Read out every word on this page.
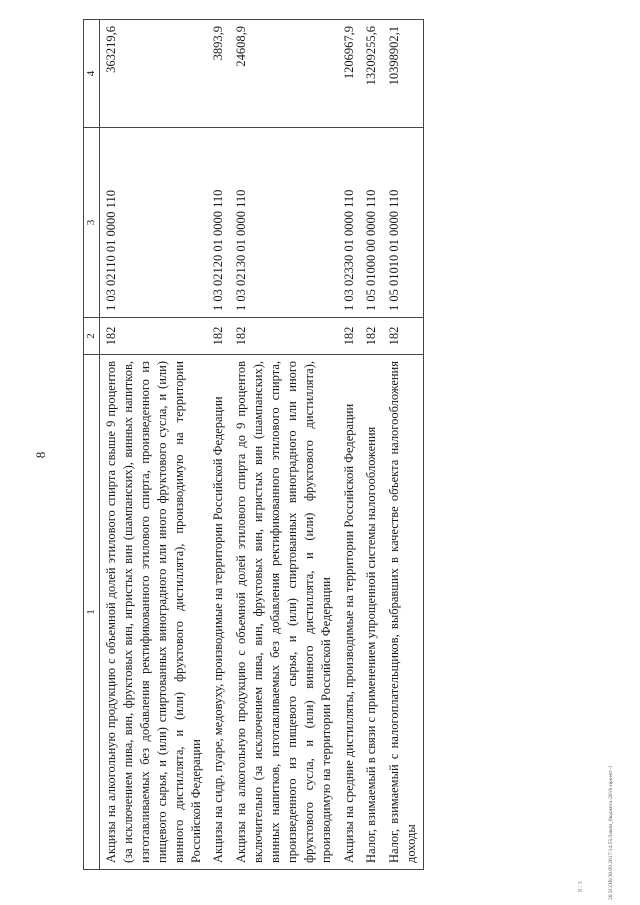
8
1	2	3	4
Акцизы на алкогольную продукцию с объемной долей этилового спирта свыше 9 процентов (за исключением пива, вин, фруктовых вин, игристых вин (шампанских), винных напитков, изготавливаемых без добавления ректификованного этилового спирта, произведенного из пищевого сырья, и (или) спиртованных виноградного или иного фруктового сусла, и (или) винного дистиллята, и (или) фруктового дистиллята), производимую на территории Российской Федерации	182	1 03 02110 01 0000 110	363219,6
Акцизы на сидр, пуаре, медовуху, производимые на территории Российской Федерации	182	1 03 02120 01 0000 110	3893,9
Акцизы на алкогольную продукцию с объемной долей этилового спирта до 9 процентов включительно (за исключением пива, вин, фруктовых вин, игристых вин (шампанских), винных напитков, изготавливаемых без добавления ректификованного этилового спирта, произведенного из пищевого сырья, и (или) спиртованных виноградного или иного фруктового сусла, и (или) винного дистиллята, и (или) фруктового дистиллята), производимую на территории Российской Федерации	182	1 03 02130 01 0000 110	24608,9
Акцизы на средние дистилляты, производимые на территории Российской Федерации	182	1 03 02330 01 0000 110	1206967,9
Налог, взимаемый в связи с применением упрощенной системы налогообложения	182	1 05 01000 00 0000 110	13209255,6
Налог, взимаемый с налогоплательщиков, выбравших в качестве объекта налогообложения доходы	182	1 05 01010 01 0000 110	10398902,1
20 ЗСОВ/30.09.2017/14:55/Закон_бюджета-2016-проект-1
9 / 3
